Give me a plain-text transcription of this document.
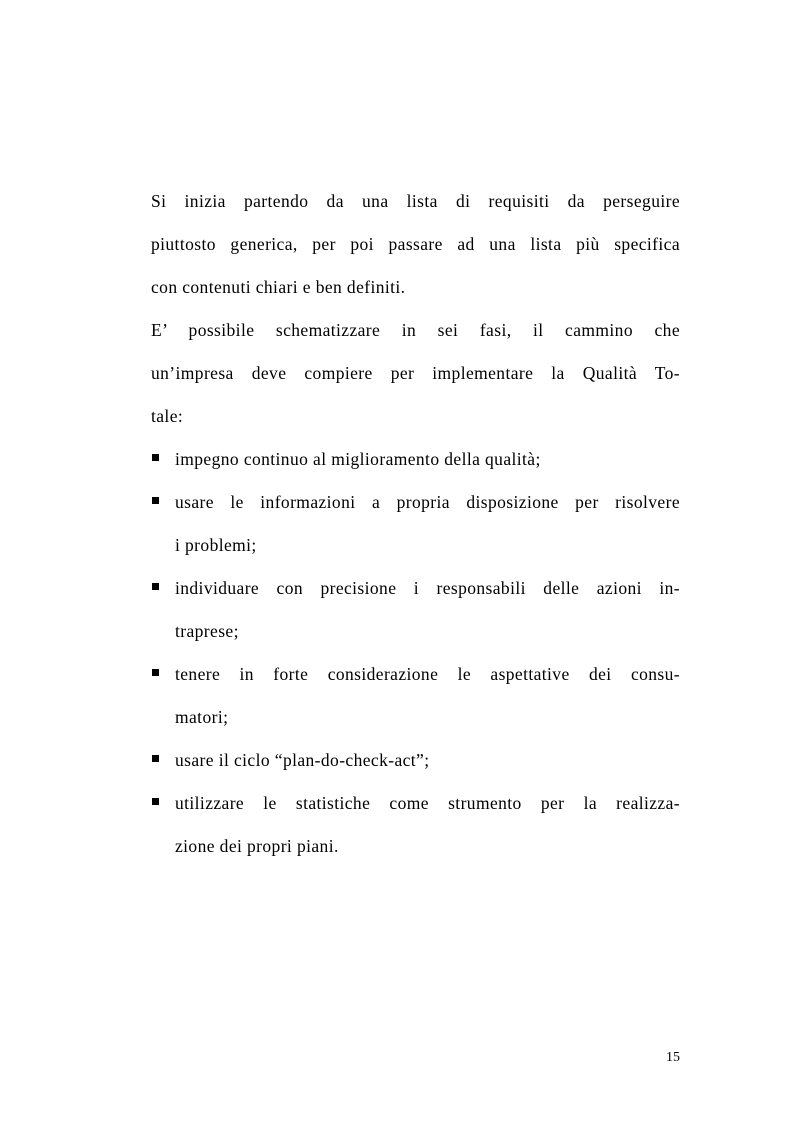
Si inizia partendo da una lista di requisiti da perseguire
piuttosto generica, per poi passare ad una lista più specifica
con contenuti chiari e ben definiti.
E’ possibile schematizzare in sei fasi, il cammino che
un’impresa deve compiere per implementare la Qualità To-
tale:
impegno continuo al miglioramento della qualità;
usare le informazioni a propria disposizione per risolvere
i problemi;
individuare con precisione i responsabili delle azioni in-
traprese;
tenere in forte considerazione le aspettative dei consu-
matori;
usare il ciclo “plan-do-check-act”;
utilizzare le statistiche come strumento per la realizza-
zione dei propri piani.
15
